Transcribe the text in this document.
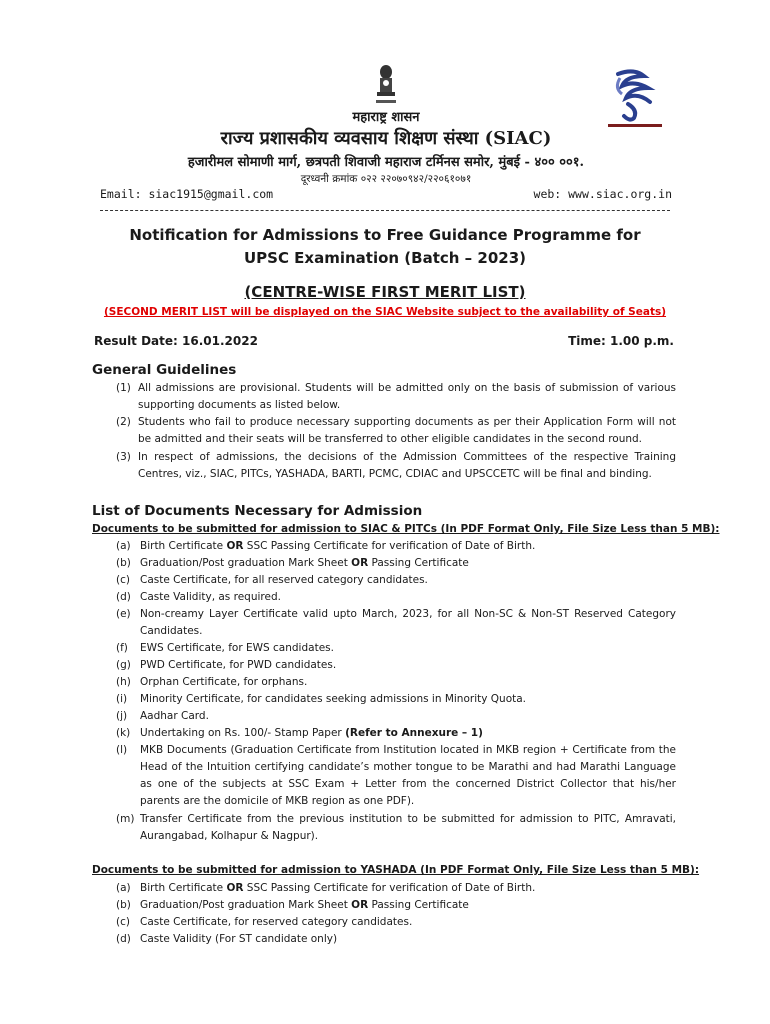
महाराष्ट्र शासन
राज्य प्रशासकीय व्यवसाय शिक्षण संस्था (SIAC)
हजारीमल सोमाणी मार्ग, छत्रपती शिवाजी महाराज टर्मिनस समोर, मुंबई - ४०० ००१.
दूरध्वनी क्रमांक ०२२ २२०७०९४२/२२०६१०७१
Email: siac1915@gmail.com	web: www.siac.org.in
Notification for Admissions to Free Guidance Programme for
UPSC Examination (Batch – 2023)
(CENTRE-WISE FIRST MERIT LIST)
(SECOND MERIT LIST will be displayed on the SIAC Website subject to the availability of Seats)
Result Date: 16.01.2022	Time: 1.00 p.m.
General Guidelines
(1) All admissions are provisional. Students will be admitted only on the basis of submission of various supporting documents as listed below.
(2) Students who fail to produce necessary supporting documents as per their Application Form will not be admitted and their seats will be transferred to other eligible candidates in the second round.
(3) In respect of admissions, the decisions of the Admission Committees of the respective Training Centres, viz., SIAC, PITCs, YASHADA, BARTI, PCMC, CDIAC and UPSCCETC will be final and binding.
List of Documents Necessary for Admission
Documents to be submitted for admission to SIAC & PITCs (In PDF Format Only, File Size Less than 5 MB):
(a) Birth Certificate OR SSC Passing Certificate for verification of Date of Birth.
(b) Graduation/Post graduation Mark Sheet OR Passing Certificate
(c) Caste Certificate, for all reserved category candidates.
(d) Caste Validity, as required.
(e) Non-creamy Layer Certificate valid upto March, 2023, for all Non-SC & Non-ST Reserved Category Candidates.
(f) EWS Certificate, for EWS candidates.
(g) PWD Certificate, for PWD candidates.
(h) Orphan Certificate, for orphans.
(i) Minority Certificate, for candidates seeking admissions in Minority Quota.
(j) Aadhar Card.
(k) Undertaking on Rs. 100/- Stamp Paper (Refer to Annexure – 1)
(l) MKB Documents (Graduation Certificate from Institution located in MKB region + Certificate from the Head of the Intuition certifying candidate’s mother tongue to be Marathi and had Marathi Language as one of the subjects at SSC Exam + Letter from the concerned District Collector that his/her parents are the domicile of MKB region as one PDF).
(m) Transfer Certificate from the previous institution to be submitted for admission to PITC, Amravati, Aurangabad, Kolhapur & Nagpur).
Documents to be submitted for admission to YASHADA (In PDF Format Only, File Size Less than 5 MB):
(a) Birth Certificate OR SSC Passing Certificate for verification of Date of Birth.
(b) Graduation/Post graduation Mark Sheet OR Passing Certificate
(c) Caste Certificate, for reserved category candidates.
(d) Caste Validity (For ST candidate only)
